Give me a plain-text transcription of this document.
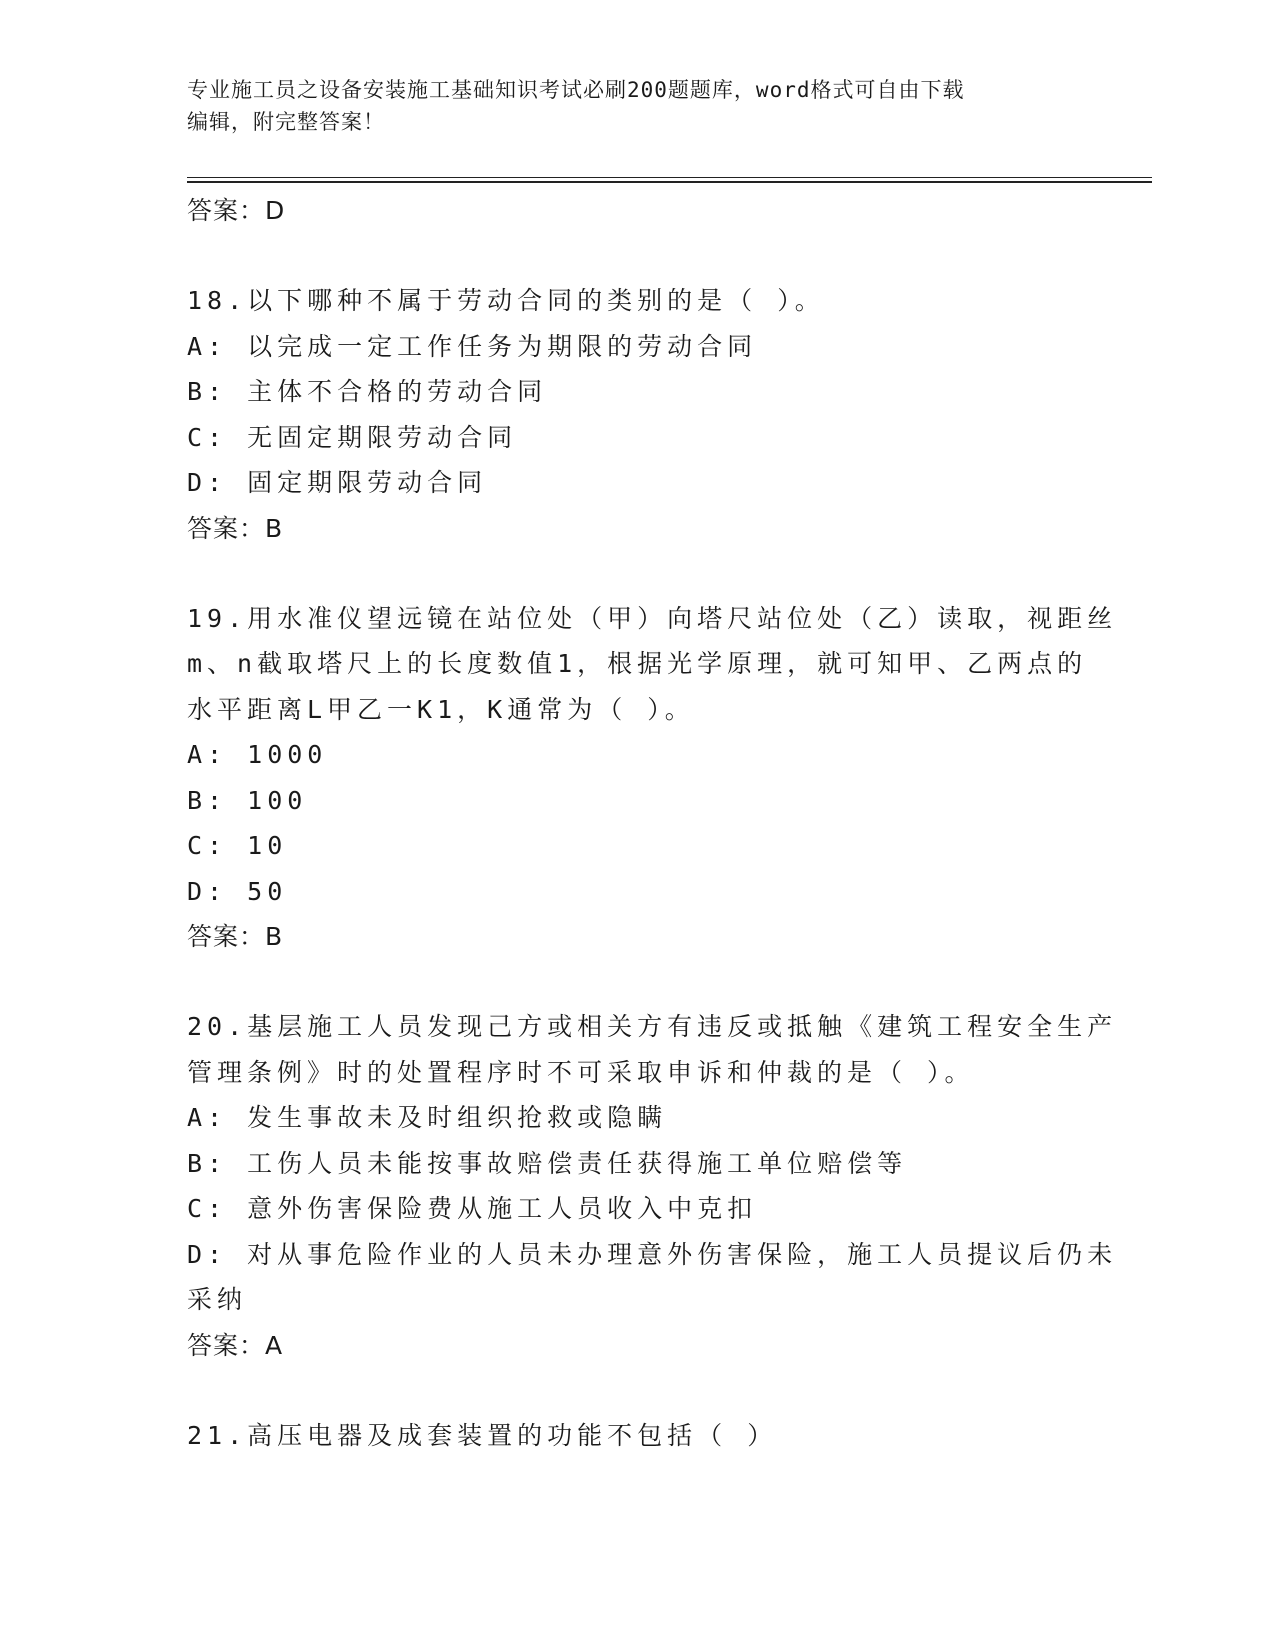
专业施工员之设备安装施工基础知识考试必刷200题题库，word格式可自由下载
编辑，附完整答案！
答案：D
18.以下哪种不属于劳动合同的类别的是（ ）。
A: 以完成一定工作任务为期限的劳动合同
B: 主体不合格的劳动合同
C: 无固定期限劳动合同
D: 固定期限劳动合同
答案：B
19.用水准仪望远镜在站位处（甲）向塔尺站位处（乙）读取，视距丝
m、n截取塔尺上的长度数值1，根据光学原理，就可知甲、乙两点的
水平距离L甲乙一K1，K通常为（ ）。
A: 1000
B: 100
C: 10
D: 50
答案：B
20.基层施工人员发现己方或相关方有违反或抵触《建筑工程安全生产
管理条例》时的处置程序时不可采取申诉和仲裁的是（ ）。
A: 发生事故未及时组织抢救或隐瞒
B: 工伤人员未能按事故赔偿责任获得施工单位赔偿等
C: 意外伤害保险费从施工人员收入中克扣
D: 对从事危险作业的人员未办理意外伤害保险，施工人员提议后仍未
采纳
答案：A
21.高压电器及成套装置的功能不包括（ ）
